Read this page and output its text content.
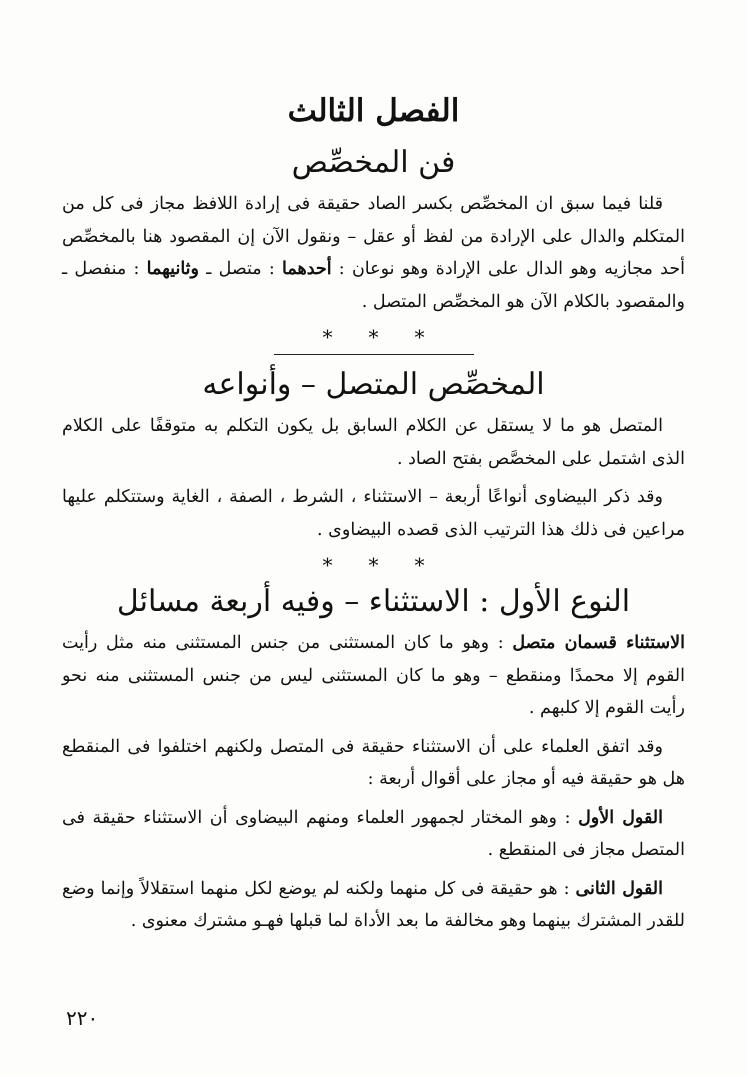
الفصل الثالث
فن المخصِّص

قلنا فيما سبق ان المخصِّص بكسر الصاد حقيقة فى إرادة اللافظ مجاز فى كل من المتكلم والدال على الإرادة من لفظ أو عقل – ونقول الآن إن المقصود هنا بالمخصِّص أحد مجازيه وهو الدال على الإرادة وهو نوعان : أحدهما : متصل ـ وثانيهما : منفصل ـ والمقصود بالكلام الآن هو المخصِّص المتصل .

*
*
*
المخصِّص المتصل – وأنواعه

المتصل هو ما لا يستقل عن الكلام السابق بل يكون التكلم به متوقفًا على الكلام الذى اشتمل على المخصَّص بفتح الصاد .

وقد ذكر البيضاوى أنواعًا أربعة – الاستثناء ، الشرط ، الصفة ، الغاية وستتكلم عليها مراعين فى ذلك هذا الترتيب الذى قصده البيضاوى .

*
*
*
النوع الأول : الاستثناء – وفيه أربعة مسائل

الاستثناء قسمان متصل : وهو ما كان المستثنى من جنس المستثنى منه مثل رأيت القوم إلا محمدًا ومنقطع – وهو ما كان المستثنى ليس من جنس المستثنى منه نحو رأيت القوم إلا كلبهم .

وقد اتفق العلماء على أن الاستثناء حقيقة فى المتصل ولكنهم اختلفوا فى المنقطع هل هو حقيقة فيه أو مجاز على أقوال أربعة :

القول الأول : وهو المختار لجمهور العلماء ومنهم البيضاوى أن الاستثناء حقيقة فى المتصل مجاز فى المنقطع .

القول الثانى : هو حقيقة فى كل منهما ولكنه لم يوضع لكل منهما استقلالاً وإنما وضع للقدر المشترك بينهما وهو مخالفة ما بعد الأداة لما قبلها فهـو مشترك معنوى .

٢٢٠
